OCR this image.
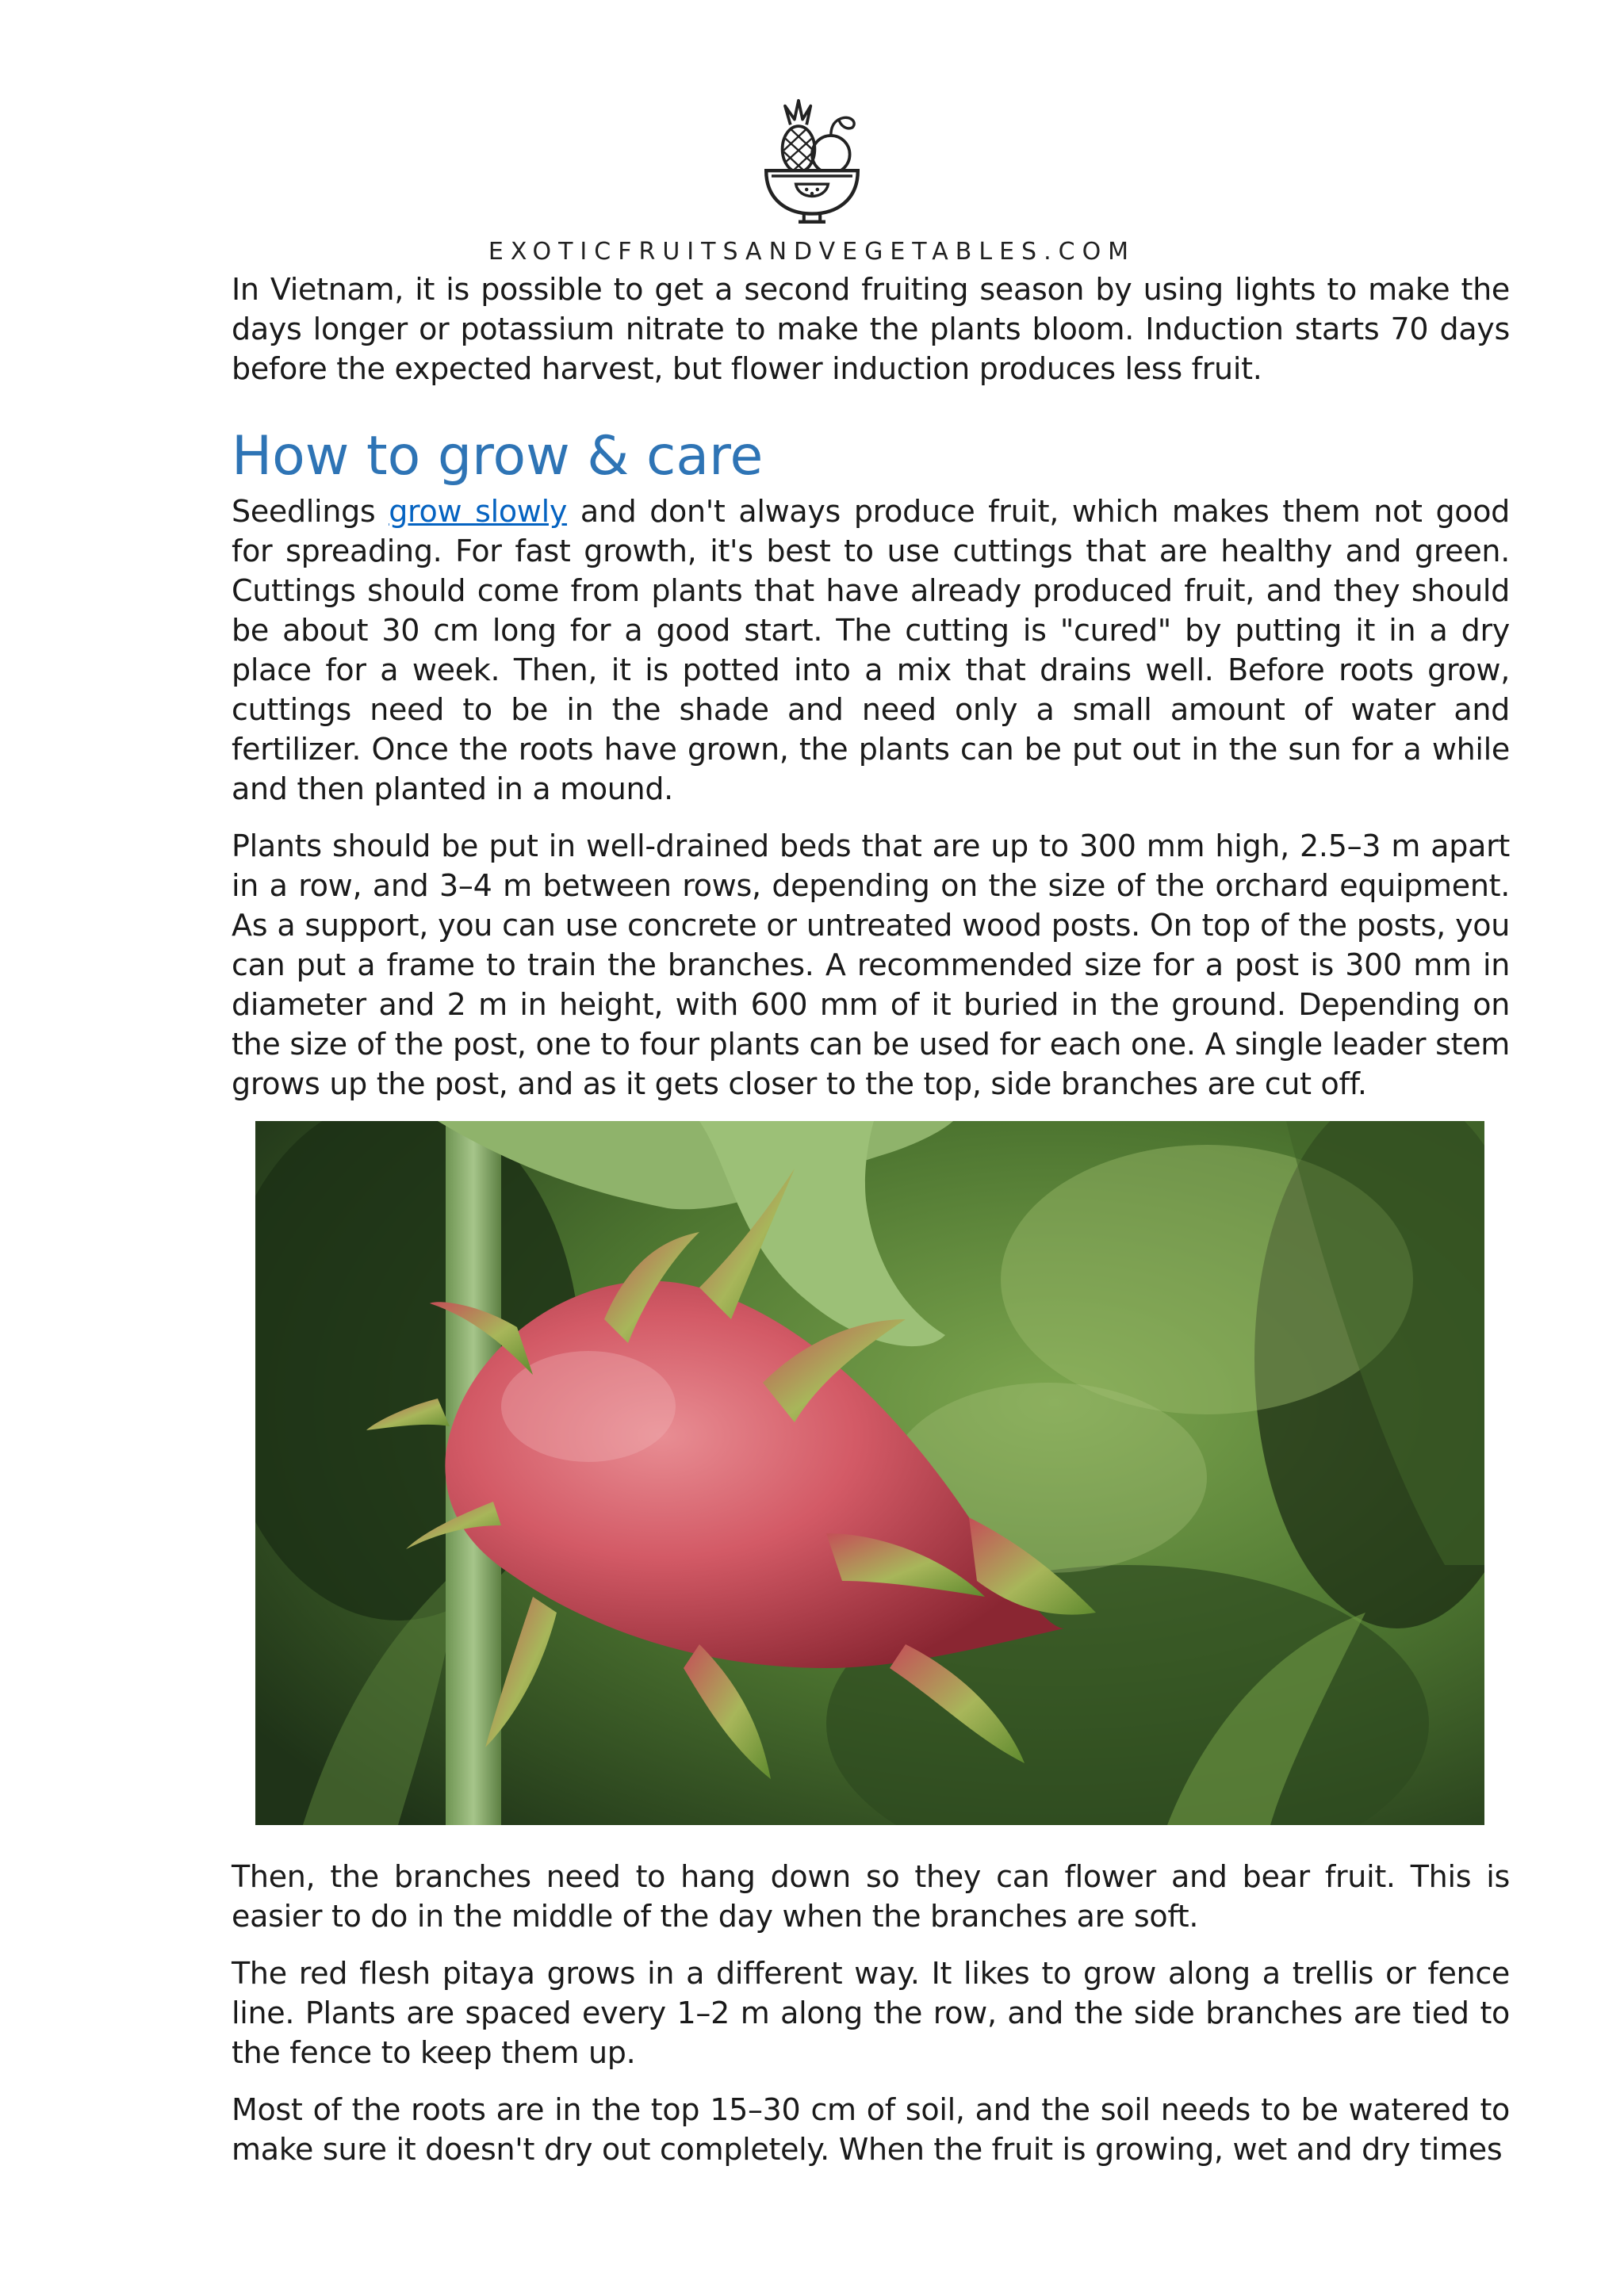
EXOTICFRUITSANDVEGETABLES.COM

In Vietnam, it is possible to get a second fruiting season by using lights to make the days longer or potassium nitrate to make the plants bloom. Induction starts 70 days before the expected harvest, but flower induction produces less fruit.

How to grow & care

Seedlings grow slowly and don't always produce fruit, which makes them not good for spreading. For fast growth, it's best to use cuttings that are healthy and green. Cuttings should come from plants that have already produced fruit, and they should be about 30 cm long for a good start. The cutting is "cured" by putting it in a dry place for a week. Then, it is potted into a mix that drains well. Before roots grow, cuttings need to be in the shade and need only a small amount of water and fertilizer. Once the roots have grown, the plants can be put out in the sun for a while and then planted in a mound.

Plants should be put in well-drained beds that are up to 300 mm high, 2.5–3 m apart in a row, and 3–4 m between rows, depending on the size of the orchard equipment. As a support, you can use concrete or untreated wood posts. On top of the posts, you can put a frame to train the branches. A recommended size for a post is 300 mm in diameter and 2 m in height, with 600 mm of it buried in the ground. Depending on the size of the post, one to four plants can be used for each one. A single leader stem grows up the post, and as it gets closer to the top, side branches are cut off.

Then, the branches need to hang down so they can flower and bear fruit. This is easier to do in the middle of the day when the branches are soft.

The red flesh pitaya grows in a different way. It likes to grow along a trellis or fence line. Plants are spaced every 1–2 m along the row, and the side branches are tied to the fence to keep them up.

Most of the roots are in the top 15–30 cm of soil, and the soil needs to be watered to make sure it doesn't dry out completely. When the fruit is growing, wet and dry times
